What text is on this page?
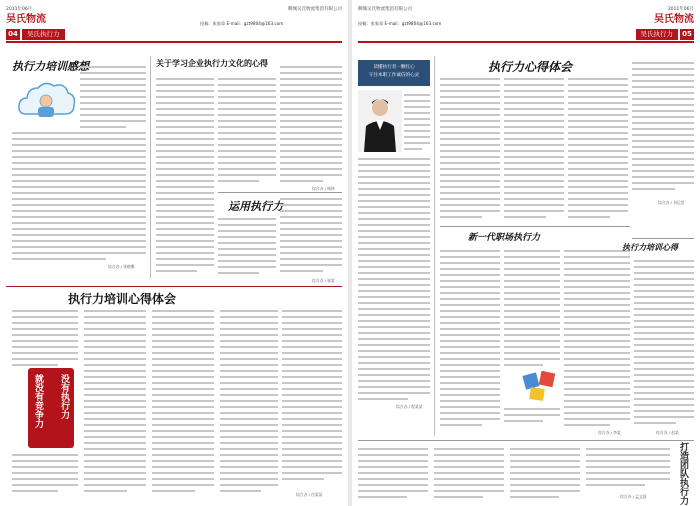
2011年06月	聊城吴氏物流集团有限公司
吴氏物流
04	吴氏执行力
投稿：张家章 E-mail：gzt9804@163.com
执行力培训感想
综合办 / 张晓娜
关于学习企业执行力文化的心得
综合办 / 杨仲
运用执行力
综合办 / 崔某
执行力培训心得体会
就没有竞争力 没有执行力
综合办 / 任某某
聊城吴氏物流集团有限公司	2011年06月
吴氏物流
05
吴氏执行力
投稿：张家章 E-mail：gzt9804@163.com
读懂执行者一颗红心
守住本职工作诚信的心灵
综合办 / 程某某
执行力心得体会
综合办 / 刘运堂
新一代职场执行力
综合办 / 李某
执行力培训心得
综合办 / 赵某
打造团队执行力
综合办 / 孟文国
